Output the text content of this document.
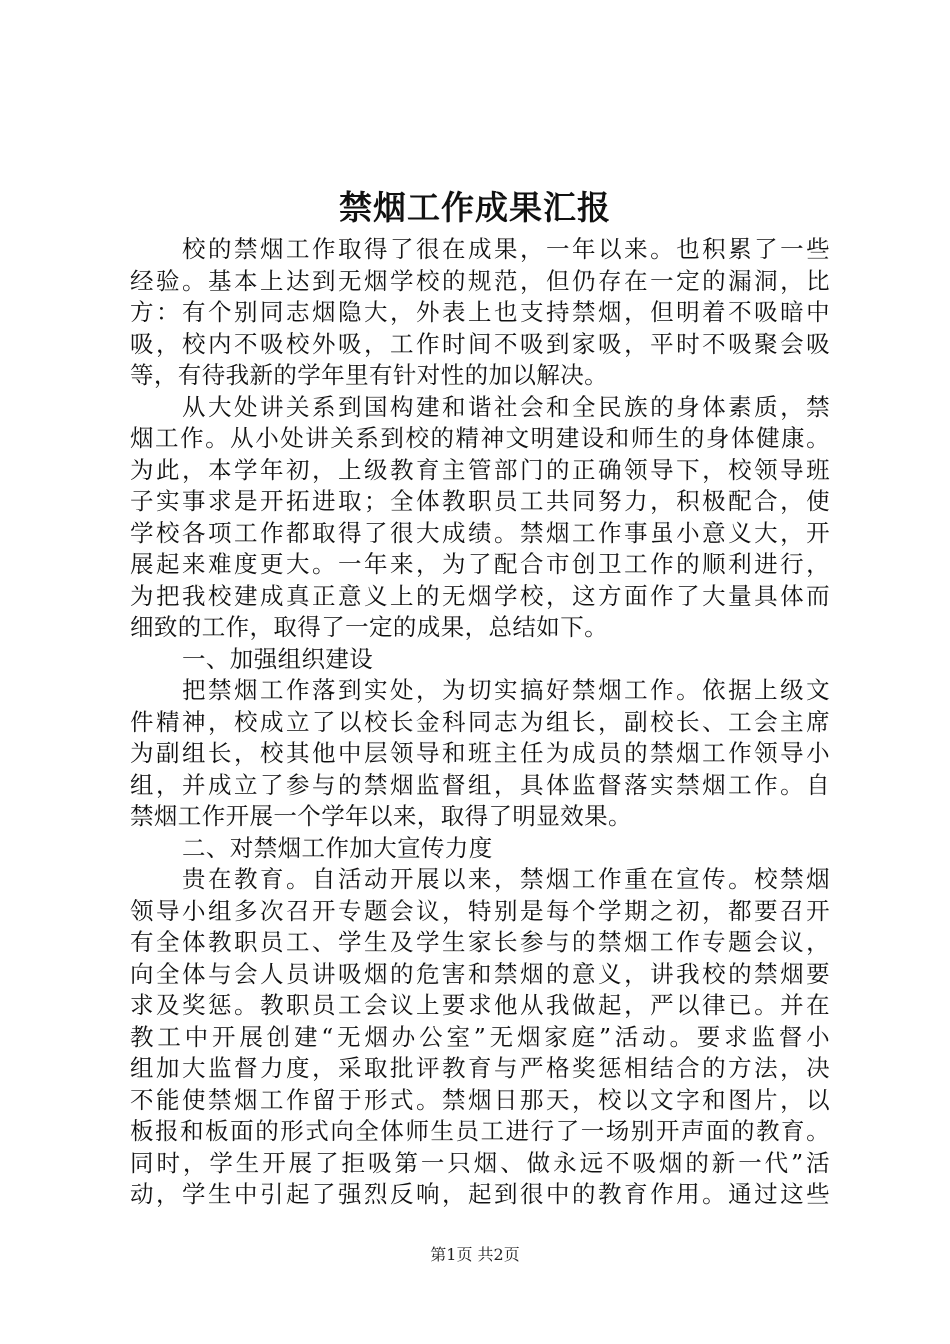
禁烟工作成果汇报
校的禁烟工作取得了很在成果，一年以来。也积累了一些
经验。基本上达到无烟学校的规范，但仍存在一定的漏洞，比
方：有个别同志烟隐大，外表上也支持禁烟，但明着不吸暗中
吸，校内不吸校外吸，工作时间不吸到家吸，平时不吸聚会吸
等，有待我新的学年里有针对性的加以解决。
从大处讲关系到国构建和谐社会和全民族的身体素质，禁
烟工作。从小处讲关系到校的精神文明建设和师生的身体健康。
为此，本学年初，上级教育主管部门的正确领导下，校领导班
子实事求是开拓进取；全体教职员工共同努力，积极配合，使
学校各项工作都取得了很大成绩。禁烟工作事虽小意义大，开
展起来难度更大。一年来，为了配合市创卫工作的顺利进行，
为把我校建成真正意义上的无烟学校，这方面作了大量具体而
细致的工作，取得了一定的成果，总结如下。
一、加强组织建设
把禁烟工作落到实处，为切实搞好禁烟工作。依据上级文
件精神，校成立了以校长金科同志为组长，副校长、工会主席
为副组长，校其他中层领导和班主任为成员的禁烟工作领导小
组，并成立了参与的禁烟监督组，具体监督落实禁烟工作。自
禁烟工作开展一个学年以来，取得了明显效果。
二、对禁烟工作加大宣传力度
贵在教育。自活动开展以来，禁烟工作重在宣传。校禁烟
领导小组多次召开专题会议，特别是每个学期之初，都要召开
有全体教职员工、学生及学生家长参与的禁烟工作专题会议，
向全体与会人员讲吸烟的危害和禁烟的意义，讲我校的禁烟要
求及奖惩。教职员工会议上要求他从我做起，严以律已。并在
教工中开展创建“无烟办公室”无烟家庭”活动。要求监督小
组加大监督力度，采取批评教育与严格奖惩相结合的方法，决
不能使禁烟工作留于形式。禁烟日那天，校以文字和图片，以
板报和板面的形式向全体师生员工进行了一场别开声面的教育。
同时，学生开展了拒吸第一只烟、做永远不吸烟的新一代”活
动，学生中引起了强烈反响，起到很中的教育作用。通过这些
第1页 共2页
